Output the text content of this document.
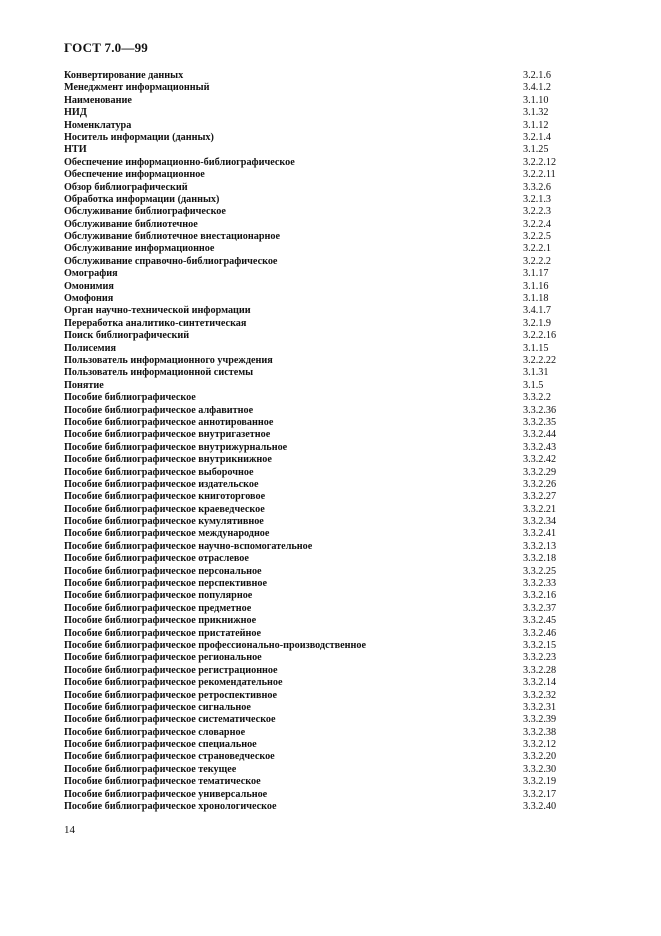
ГОСТ 7.0—99
Конвертирование данных	3.2.1.6
Менеджмент информационный	3.4.1.2
Наименование	3.1.10
НИД	3.1.32
Номенклатура	3.1.12
Носитель информации (данных)	3.2.1.4
НТИ	3.1.25
Обеспечение информационно-библиографическое	3.2.2.12
Обеспечение информационное	3.2.2.11
Обзор библиографический	3.3.2.6
Обработка информации (данных)	3.2.1.3
Обслуживание библиографическое	3.2.2.3
Обслуживание библиотечное	3.2.2.4
Обслуживание библиотечное внестационарное	3.2.2.5
Обслуживание информационное	3.2.2.1
Обслуживание справочно-библиографическое	3.2.2.2
Омография	3.1.17
Омонимия	3.1.16
Омофония	3.1.18
Орган научно-технической информации	3.4.1.7
Переработка аналитико-синтетическая	3.2.1.9
Поиск библиографический	3.2.2.16
Полисемия	3.1.15
Пользователь информационного учреждения	3.2.2.22
Пользователь информационной системы	3.1.31
Понятие	3.1.5
Пособие библиографическое	3.3.2.2
Пособие библиографическое алфавитное	3.3.2.36
Пособие библиографическое аннотированное	3.3.2.35
Пособие библиографическое внутригазетное	3.3.2.44
Пособие библиографическое внутрижурнальное	3.3.2.43
Пособие библиографическое внутрикнижное	3.3.2.42
Пособие библиографическое выборочное	3.3.2.29
Пособие библиографическое издательское	3.3.2.26
Пособие библиографическое книготорговое	3.3.2.27
Пособие библиографическое краеведческое	3.3.2.21
Пособие библиографическое кумулятивное	3.3.2.34
Пособие библиографическое международное	3.3.2.41
Пособие библиографическое научно-вспомогательное	3.3.2.13
Пособие библиографическое отраслевое	3.3.2.18
Пособие библиографическое персональное	3.3.2.25
Пособие библиографическое перспективное	3.3.2.33
Пособие библиографическое популярное	3.3.2.16
Пособие библиографическое предметное	3.3.2.37
Пособие библиографическое прикнижное	3.3.2.45
Пособие библиографическое пристатейное	3.3.2.46
Пособие библиографическое профессионально-производственное	3.3.2.15
Пособие библиографическое региональное	3.3.2.23
Пособие библиографическое регистрационное	3.3.2.28
Пособие библиографическое рекомендательное	3.3.2.14
Пособие библиографическое ретроспективное	3.3.2.32
Пособие библиографическое сигнальное	3.3.2.31
Пособие библиографическое систематическое	3.3.2.39
Пособие библиографическое словарное	3.3.2.38
Пособие библиографическое специальное	3.3.2.12
Пособие библиографическое страноведческое	3.3.2.20
Пособие библиографическое текущее	3.3.2.30
Пособие библиографическое тематическое	3.3.2.19
Пособие библиографическое универсальное	3.3.2.17
Пособие библиографическое хронологическое	3.3.2.40

14
